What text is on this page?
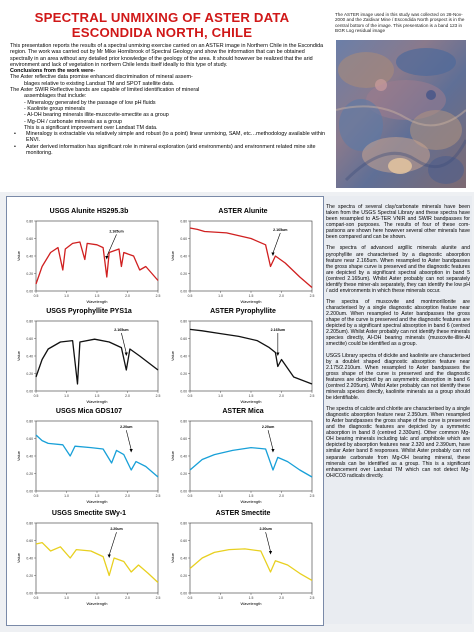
SPECTRAL UNMIXING OF ASTER DATA
ESCONDIDA NORTH, CHILE

This presentation reports the results of a spectral unmixing exercise carried on an ASTER image in Northern Chile in the Escondida region. The work was carried out by Mr Mike Hornibrook of Spectral Geology and show the information that can be obtained spectrally in an area without any detailed prior knowledge of the geology of the area. It should however be realized that the arid environment and lack of vegetation in northern Chile lends itself ideally to this type of study.

Conclusions from the work were-

The Aster reflective data promise enhanced discrimination of mineral assem-

blages relative to existing Landsat TM and SPOT satellite data.

The Aster SWIR Reflective bands are capable of limited identification of mineral

assemblages that include:

- Mineralogy generated by the passage of low pH fluids

- Kaolinite group minerals

- Al-OH bearing minerals illite-muscovite-smectite as a group

- Mg-OH / carbonate minerals as a group

This is a significant improvement over Landsat TM data.

• Mineralogy is extractable via relatively simple and robust (to a point) linear unmixing, SAM, etc…methodology available within ENVI.

• Aster derived information has significant role in mineral exploration (arid environments) and environment related mine site monitoring.

The ASTER image used in this study was collected on 28-Nov-2000 and the Zaldivar Mine / Escondida North prospect is in the central bottom of the image. This presentation is a band 123 in BGR Log residual image
USGS Alunite HS295.3b
0.80
0.60
0.40
0.20
0.00
0.5	1.0	1.5	2.0	2.5
Value
Wavelength
2.165um
ASTER Alunite
0.80
0.60
0.40
0.20
0.00
0.5	1.0	1.5	2.0	2.5
Value
Wavelength
2.165um
USGS Pyrophyllite PYS1a
0.80
0.60
0.40
0.20
0.00
0.5	1.0	1.5	2.0	2.5
Value
Wavelength
2.165um
ASTER Pyrophyllite
0.80
0.60
0.40
0.20
0.00
0.5	1.0	1.5	2.0	2.5
Value
Wavelength
2.165um
USGS Mica GDS107
0.80
0.60
0.40
0.20
0.00
0.5	1.0	1.5	2.0	2.5
Value
Wavelength
2.20um
ASTER Mica
0.80
0.60
0.40
0.20
0.00
0.5	1.0	1.5	2.0	2.5
Value
Wavelength
2.20um
USGS Smectite SWy-1
0.80
0.60
0.40
0.20
0.00
0.5	1.0	1.5	2.0	2.5
Value
Wavelength
2.20um
ASTER Smectite
0.80
0.60
0.40
0.20
0.00
0.5	1.0	1.5	2.0	2.5
Value
Wavelength
2.20um

The spectra of several clay/carbonate minerals have been taken from the USGS Spectral Library and these spectra have been resampled to AS-TER VNIR and SWIR bandpasses for compari-son purposes. The results of four of these com-parisons are shown here however several other minerals have been compared and can be shown.

The spectra of advanced argillic minerals alunite and pyrophyllite are characterised by a diagnostic absorption feature near 2.165um. When resampled to Aster bandpasses the gross shape curve is preserved and the diagnostic features are depicted by a significant spectral absorption in band 5 (centred 2.165um). Whilst Aster probably can not separately identify these miner-als separately, they can identify the low pH / acid environments in which these minerals occur.

The spectra of muscovite and montmorillonite are characterised by a single diagnostic absorption feature near 2.200um. When resampled to Aster bandpasses the gross shape of the curve is preserved and the diagnostic features are depicted by a significant spectral absorption in band 6 (centred 2.205um). Whilst Aster probably can not identify these minerals species directly, Al-OH bearing minerals (muscovite-illite-Al smectite) could be identified as a group.

USGS Library spectra of dickite and kaolinite are characterised by a doublet shaped diagnostic absorption feature near 2.175/2.210um. When resampled to Aster bandpasses the gross shape of the curve is preserved and the diagnostic features are depicted by an asymmetric absorption in band 6 (centred 2.205um). Whilst Aster probably can not identify these minerals species directly, kaolinite minerals as a group should be identifiable.

The spectra of calcite and chlorite are characterised by a single diagnostic absorption feature near 2.350um. When resampled to Aster bandpasses the gross shape of the curve is preserved and the diagnostic features are depicted by a symmetric absorption in band 8 (centred 2.330um). Other common Mg-OH bearing minerals including talc and amphibole which are depicted by absorption features near 2.320 and 2.390um, have similar Aster band 8 responses. Whilst Aster probably can not separate carbonate from Mg-OH bearing mineral, these minerals can be identified as a group. This is a significant enhancement over Landsat TM which can not detect Mg-OH/CO3 radicals directly.
